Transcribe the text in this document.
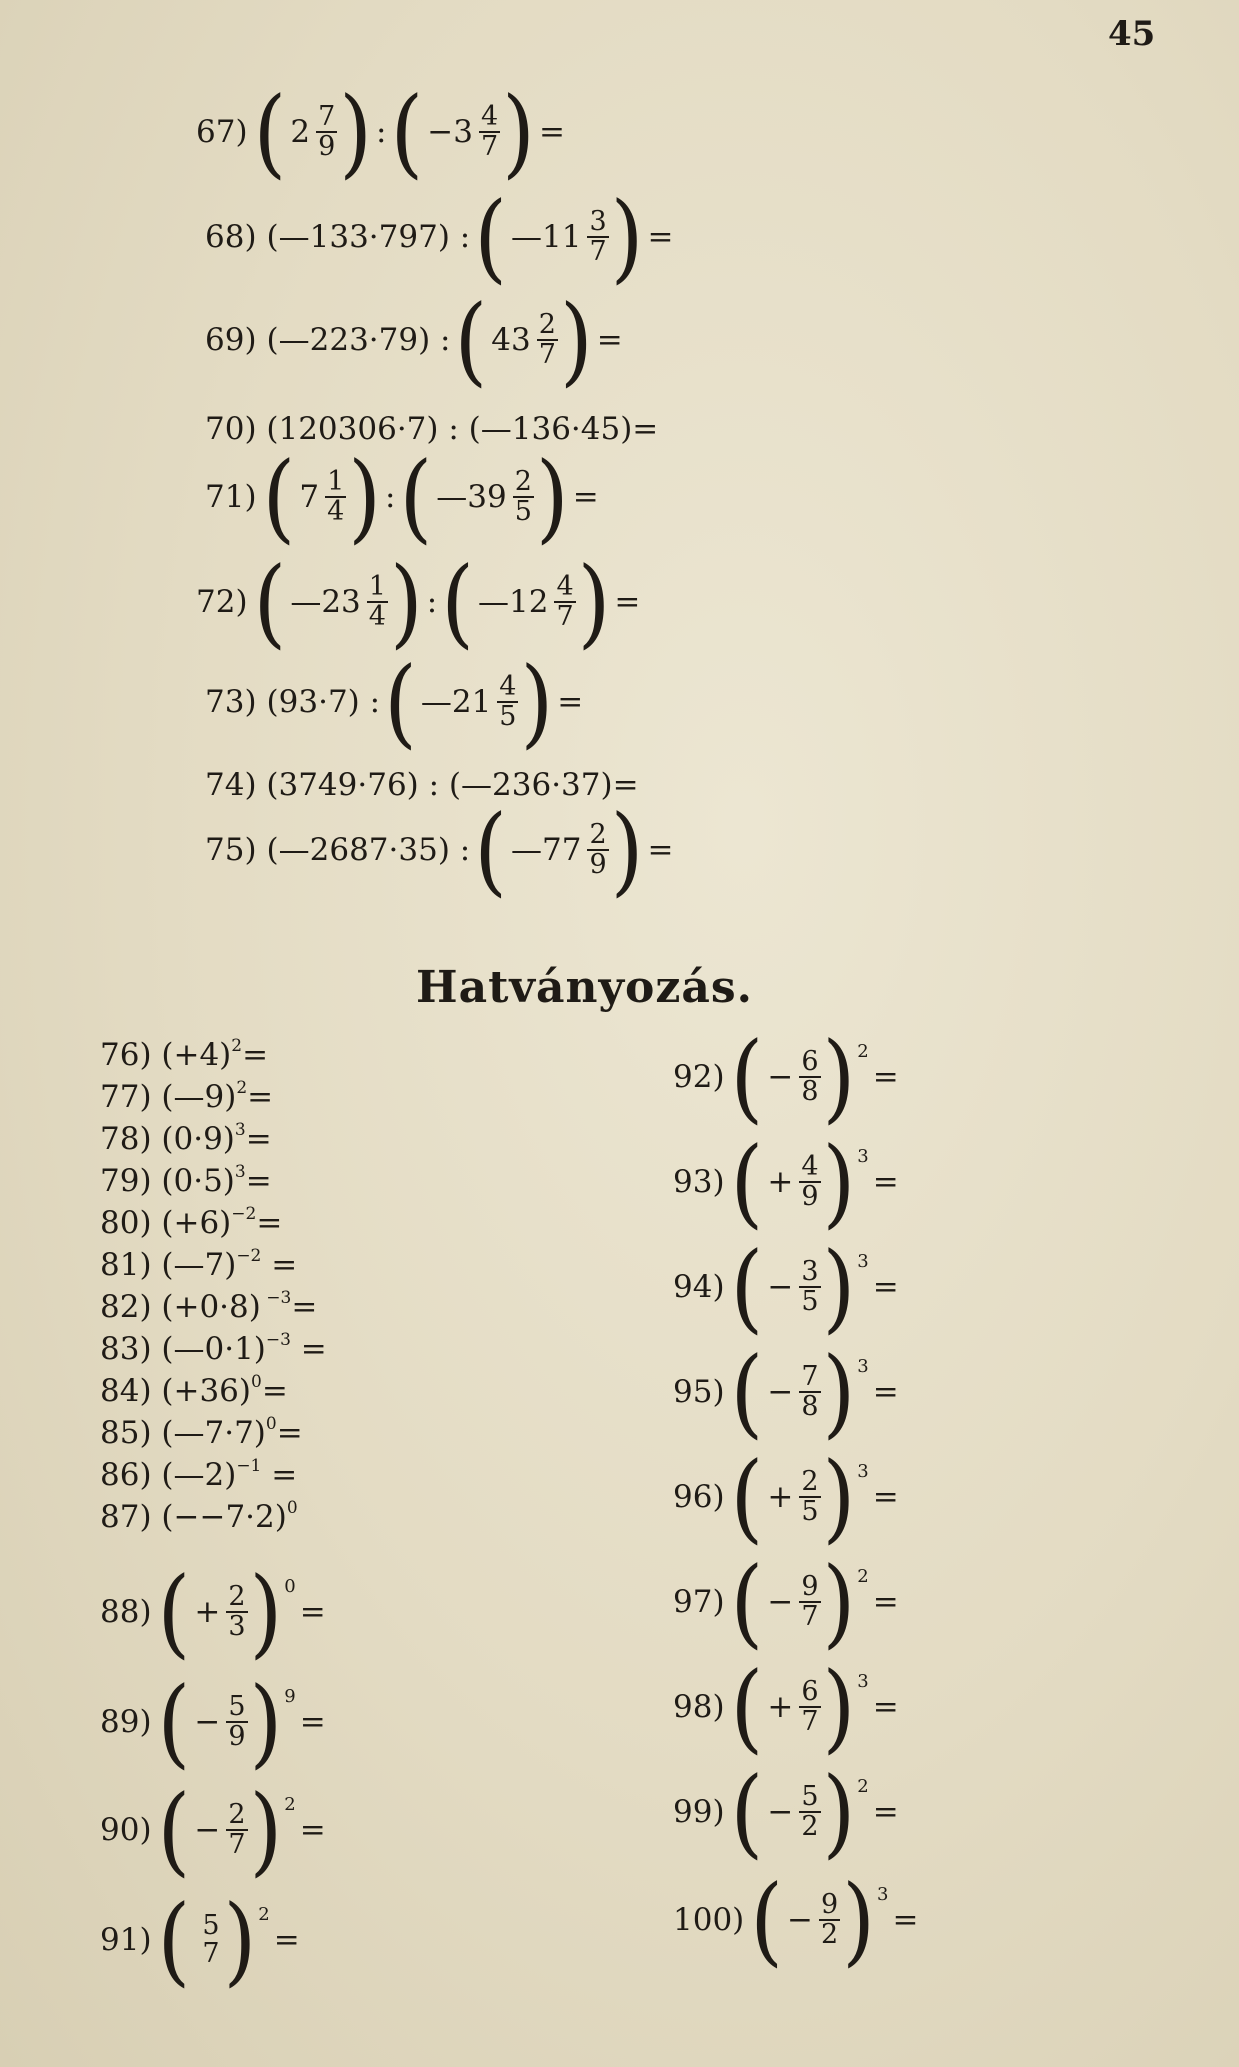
45
67) ( $2 \frac{7}{9}$ ) : ( $-3 \frac{4}{7}$ ) =
68) (—133·797) : ( —11 $\frac{3}{7}$ ) =
69) (—223·79) : ( $43 \frac{2}{7}$ ) =
70) (120306·7) : (—136·45)=
71) ( $7 \frac{1}{4}$ ) : ( —39 $\frac{2}{5}$ ) =
72) ( —23 $\frac{1}{4}$ ) : ( —12 $\frac{4}{7}$ ) =
73) (93·7) : ( —21 $\frac{4}{5}$ ) =
74) (3749·76) : (—236·37)=
75) (—2687·35) : ( —77 $\frac{2}{9}$ ) =
Hatványozás.
76) $(+4)^2=$
77) (—9)$^2$=
78) $(0\cdot 9)^3=$
79) $(0\cdot 5)^3=$
80) $(+6)^{-2}=$
81) (—7)$^{-2}$ =
82) (+0·8) $^{-3}$=
83) (—0·1)$^{-3}$ =
84) $(+36)^0=$
85) (—7·7)$^0$=
86) (—2)$^{-1}$ =
87) $(--7\cdot 2)^0$
88) ( + $\frac{2}{3}$ ) 0
=
89) ( − $\frac{5}{9}$ ) 9
=
90) ( − $\frac{2}{7}$ ) 2
=
91) ( 5
7 ) 2
=
92) ( − $\frac{6}{8}$ ) 2
=
93) ( + $\frac{4}{9}$ ) 3
=
94) ( − $\frac{3}{5}$ ) 3
=
95) ( − $\frac{7}{8}$ ) 3
=
96) ( + $\frac{2}{5}$ ) 3
=
97) ( − $\frac{9}{7}$ ) 2
=
98) ( + $\frac{6}{7}$ ) 3
=
99) ( − $\frac{5}{2}$ ) 2
=
100) ( − $\frac{9}{2}$ ) 3
=
